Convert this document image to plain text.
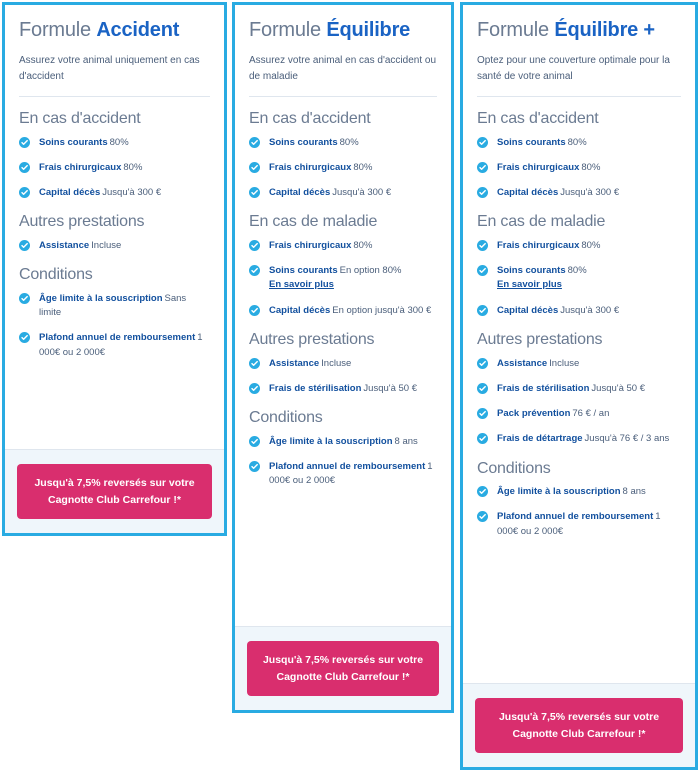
Formule Accident

Assurez votre animal uniquement en cas d'accident

En cas d'accident
Soins courants 80%
Frais chirurgicaux 80%
Capital décès Jusqu'à 300 €
Autres prestations
Assistance Incluse
Conditions
Âge limite à la souscription Sans limite
Plafond annuel de remboursement 1 000€ ou 2 000€
Jusqu'à 7,5% reversés sur votre Cagnotte Club Carrefour !*
Formule Équilibre

Assurez votre animal en cas d'accident ou de maladie

En cas d'accident
Soins courants 80%
Frais chirurgicaux 80%
Capital décès Jusqu'à 300 €
En cas de maladie
Frais chirurgicaux 80%
Soins courants En option 80%
En savoir plus
Capital décès En option jusqu'à 300 €
Autres prestations
Assistance Incluse
Frais de stérilisation Jusqu'à 50 €
Conditions
Âge limite à la souscription 8 ans
Plafond annuel de remboursement 1 000€ ou 2 000€
Jusqu'à 7,5% reversés sur votre Cagnotte Club Carrefour !*
Formule Équilibre +

Optez pour une couverture optimale pour la santé de votre animal

En cas d'accident
Soins courants 80%
Frais chirurgicaux 80%
Capital décès Jusqu'à 300 €
En cas de maladie
Frais chirurgicaux 80%
Soins courants 80%
En savoir plus
Capital décès Jusqu'à 300 €
Autres prestations
Assistance Incluse
Frais de stérilisation Jusqu'à 50 €
Pack prévention 76 € / an
Frais de détartrage Jusqu'à 76 € / 3 ans
Conditions
Âge limite à la souscription 8 ans
Plafond annuel de remboursement 1 000€ ou 2 000€
Jusqu'à 7,5% reversés sur votre Cagnotte Club Carrefour !*
